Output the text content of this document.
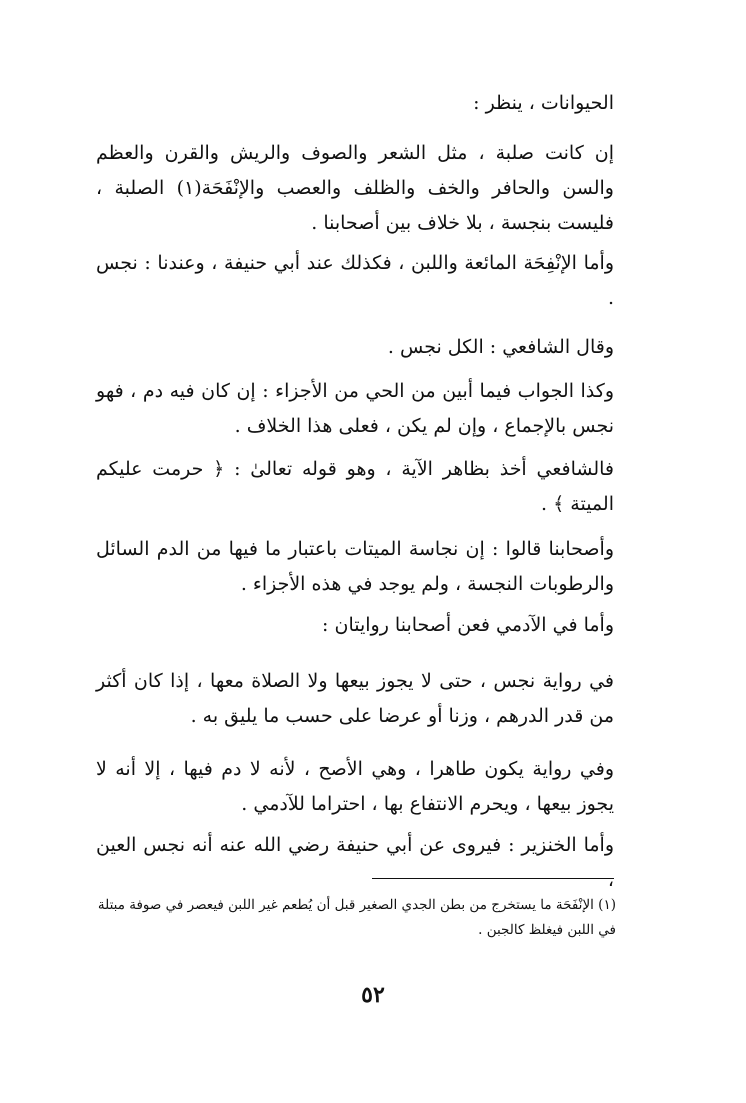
الحيوانات ، ينظر :

إن كانت صلبة ، مثل الشعر والصوف والريش والقرن والعظم والسن والحافر والخف والظلف والعصب والإنْفَحَة(١) الصلبة ، فليست بنجسة ، بلا خلاف بين أصحابنا .

وأما الإنْفِحَة المائعة واللبن ، فكذلك عند أبي حنيفة ، وعندنا : نجس .

وقال الشافعي : الكل نجس .

وكذا الجواب فيما أبين من الحي من الأجزاء : إن كان فيه دم ، فهو نجس بالإجماع ، وإن لم يكن ، فعلى هذا الخلاف .

فالشافعي أخذ بظاهر الآية ، وهو قوله تعالىٰ : ﴿ حرمت عليكم الميتة ﴾ .

وأصحابنا قالوا : إن نجاسة الميتات باعتبار ما فيها من الدم السائل والرطوبات النجسة ، ولم يوجد في هذه الأجزاء .

وأما في الآدمي فعن أصحابنا روايتان :

في رواية نجس ، حتى لا يجوز بيعها ولا الصلاة معها ، إذا كان أكثر من قدر الدرهم ، وزنا أو عرضا على حسب ما يليق به .

وفي رواية يكون طاهرا ، وهي الأصح ، لأنه لا دم فيها ، إلا أنه لا يجوز بيعها ، ويحرم الانتفاع بها ، احتراما للآدمي .

وأما الخنزير : فيروى عن أبي حنيفة رضي الله عنه أنه نجس العين ،

(١) الإنْفَحَة ما يستخرج من بطن الجدي الصغير قبل أن يُطعم غير اللبن فيعصر في صوفة مبتلة في اللبن فيغلظ كالجبن .

٥٢
